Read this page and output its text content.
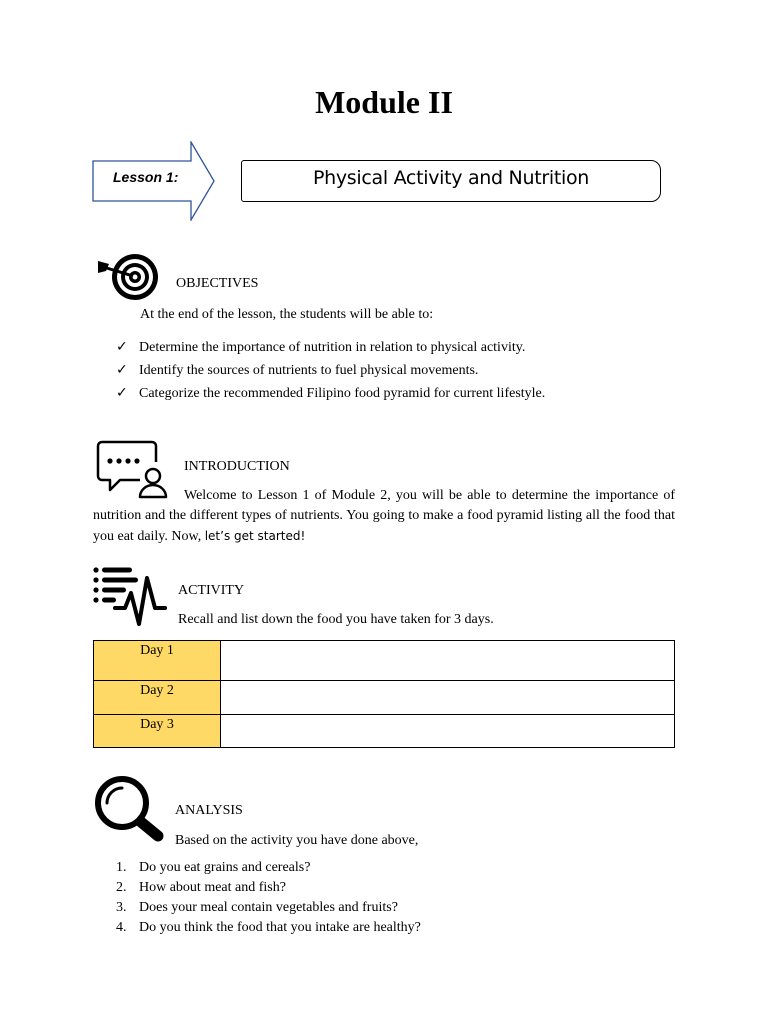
Module II
Lesson 1:	Physical Activity and Nutrition
OBJECTIVES
At the end of the lesson, the students will be able to:
✓ Determine the importance of nutrition in relation to physical activity.
✓ Identify the sources of nutrients to fuel physical movements.
✓ Categorize the recommended Filipino food pyramid for current lifestyle.
INTRODUCTION
Welcome to Lesson 1 of Module 2, you will be able to determine the importance of nutrition and the different types of nutrients. You going to make a food pyramid listing all the food that you eat daily. Now, let’s get started!
ACTIVITY
Recall and list down the food you have taken for 3 days.
Day 1	
Day 2	
Day 3	
ANALYSIS
Based on the activity you have done above,
1. Do you eat grains and cereals?
2. How about meat and fish?
3. Does your meal contain vegetables and fruits?
4. Do you think the food that you intake are healthy?
